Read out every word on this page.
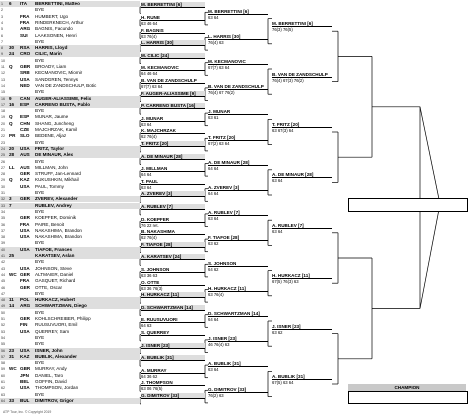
1	6	ITA	BERRETTINI, Matteo
2	BYE
3	FRA	HUMBERT, Ugo
4	FRA	RINDERKNECH, Arthur
5	ARG	BAGNIS, Facundo
6	SUI	LAAKSONEN, Henri
7	BYE
8	30	RSA	HARRIS, Lloyd
9	24	CRO	CILIC, Marin
10	BYE
11 Q	GBR	BROADY, Liam
12	SRB	KECMANOVIC, Miomir
13	USA	SANDGREN, Tennys
14	NED	VAN DE ZANDSCHULP, Botic
15	BYE
16 9	CAN	AUGER-ALIASSIME, Felix
17 16	ESP	CARRENO BUSTA, Pablo
18	BYE
19 Q	ESP	MUNAR, Jaume
20 Q	CHN	SHANG, Juncheng
21	CZE	MAJCHRZAK, Kamil
22 PR	SLO	BEDENE, Aljaz
23	BYE
24 20	USA	FRITZ, Taylor
25 28	AUS	DE MINAUR, Alex
26	BYE
27 LL	AUS	MILLMAN, John
28	GER	STRUFF, Jan-Lennard
29 Q	KAZ	KUKUSHKIN, Mikhail
30	USA	PAUL, Tommy
31	BYE
32 3	GER	ZVEREV, Alexander
33 7	RUBLEV, Andrey
34	BYE
35	GER	KOEPFER, Dominik
36	FRA	PAIRE, Benoit
37	USA	NAKASHIMA, Brandon
38	USA	NAKASHIMA, Brandon
39	BYE
40	USA	TIAFOE, Frances
41 25	KARATSEV, Aslan
42	BYE
43	USA	JOHNSON, Steve
44 WC GER	ALTMAIER, Daniel
45	FRA	GASQUET, Richard
46	GER	OTTE, Oscar
47	BYE
48 11	POL	HURKACZ, Hubert
49 14	ARG	SCHWARTZMAN, Diego
50	BYE
51	GER	KOHLSCHREIBER, Philipp
52	FIN	RUUSUVUORI, Emil
53	USA	QUERREY, Sam
54	BYE
55	BYE
56 23	USA	ISNER, John
57 31	KAZ	BUBLIK, Alexander
58	BYE
59 WC GBR	MURRAY, Andy
60	JPN	DANIEL, Taro
61	BEL	GOFFIN, David
62	USA	THOMPSON, Jordan
63	BYE
64 33	BUL	DIMITROV, Grigor
M. BERRETTINI [6]
H. RUNE
63 46 64
F. BAGNIS
63 76(4)
L. HARRIS [30]
M. CILIC [24]
M. KECMANOVIC
64 46 64
B. VAN DE ZANDSCHULP
67(7) 63 64
F. AUGER-ALIASSIME [9]
P. CARRENO BUSTA [16]
J. MUNAR
63 64
K. MAJCHRZAK
62 76(4)
T. FRITZ [20]
A. DE MINAUR [28]
J. MILLMAN
64 64
T. PAUL
63 64
A. ZVEREV [3]
A. RUBLEV [7]
D. KOEPFER
76 22 ret.
B. NAKASHIMA
62 76(4)
F. TIAFOE [28]
A. KARATSEV [24]
S. JOHNSON
63 36 63
O. OTTE
63 36 76(3)
H. HURKACZ [11]
D. SCHWARTZMAN [14]
E. RUUSUVUORI
64 63
S. QUERREY
J. ISNER [23]
A. BUBLIK [31]
A. MURRAY
64 36 62
J. THOMPSON
63 06 76(5)
G. DIMITROV [33]
M. BERRETTINI [6]
63 64
L. HARRIS [30]
76(4) 63
M. KECMANOVIC
67(7) 63 64
B. VAN DE ZANDSCHULP
76(4) 67 76(2)
J. MUNAR
63 61
T. FRITZ [20]
67(2) 63 64
A. DE MINAUR [28]
64 64
A. ZVEREV [3]
64 64
A. RUBLEV [7]
63 64
F. TIAFOE [28]
63 62
S. JOHNSON
64 62
H. HURKACZ [11]
63 76(4)
D. SCHWARTZMAN [14]
64 64
J. ISNER [23]
46 76(4) 63
A. BUBLIK [31]
63 64
G. DIMITROV [33]
76(2) 63
M. BERRETTINI [6]
76(3) 76(5)
B. VAN DE ZANDSCHULP
76(4) 67(3) 76(2)
T. FRITZ [20]
63 67(3) 64
A. DE MINAUR [28]
63 64
A. RUBLEV [7]
63 64
H. HURKACZ [11]
67(5) 76(3) 63
J. ISNER [23]
63 62
A. BUBLIK [31]
67(5) 63 64
CHAMPION
ATP Tour, Inc. © Copyright 2019
